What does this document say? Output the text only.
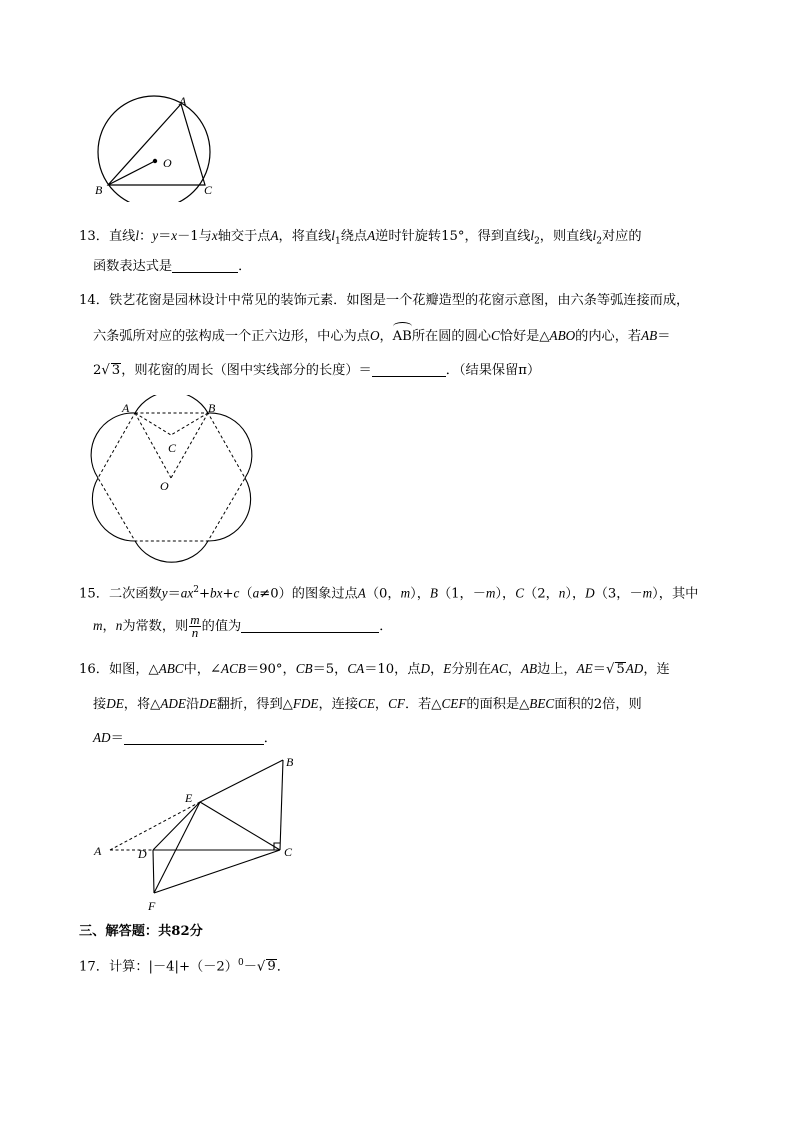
A
O
B	C
13．直线l：y＝x－1与x轴交于点A，将直线$l_1$绕点A逆时针旋转15°，得到直线$l_2$，则直线$l_2$对应的
函数表达式是	．
14．铁艺花窗是园林设计中常见的装饰元素．如图是一个花瓣造型的花窗示意图，由六条等弧连接而成，
六条弧所对应的弦构成一个正六边形，中心为点O，
AB所在圆的圆心C恰好是△ABO的内心，若AB＝
2√ 3，则花窗的周长（图中实线部分的长度）＝	．（结果保留π）
A	B
C
O
15．二次函数$y=ax^2+bx+c(a\ne 0)$的图象过点A（0，m），B（1，－m），C（2，n），D（3，－m），其中
m，n为常数，则 $\frac{m}{n}$ 的值为	．
16．如图，△ABC中，∠ACB＝90°，CB＝5，CA＝10，点D，E分别在AC，AB边上，AE＝√ 5AD，连
接DE，将△ADE沿DE翻折，得到△FDE，连接CE，CF．若△CEF的面积是△BEC面积的2倍，则
AD＝	．
A
B
C
D
E
F
三、解答题：共82分
17．计算：$|-4|+(-2)^0-√$ 9．
